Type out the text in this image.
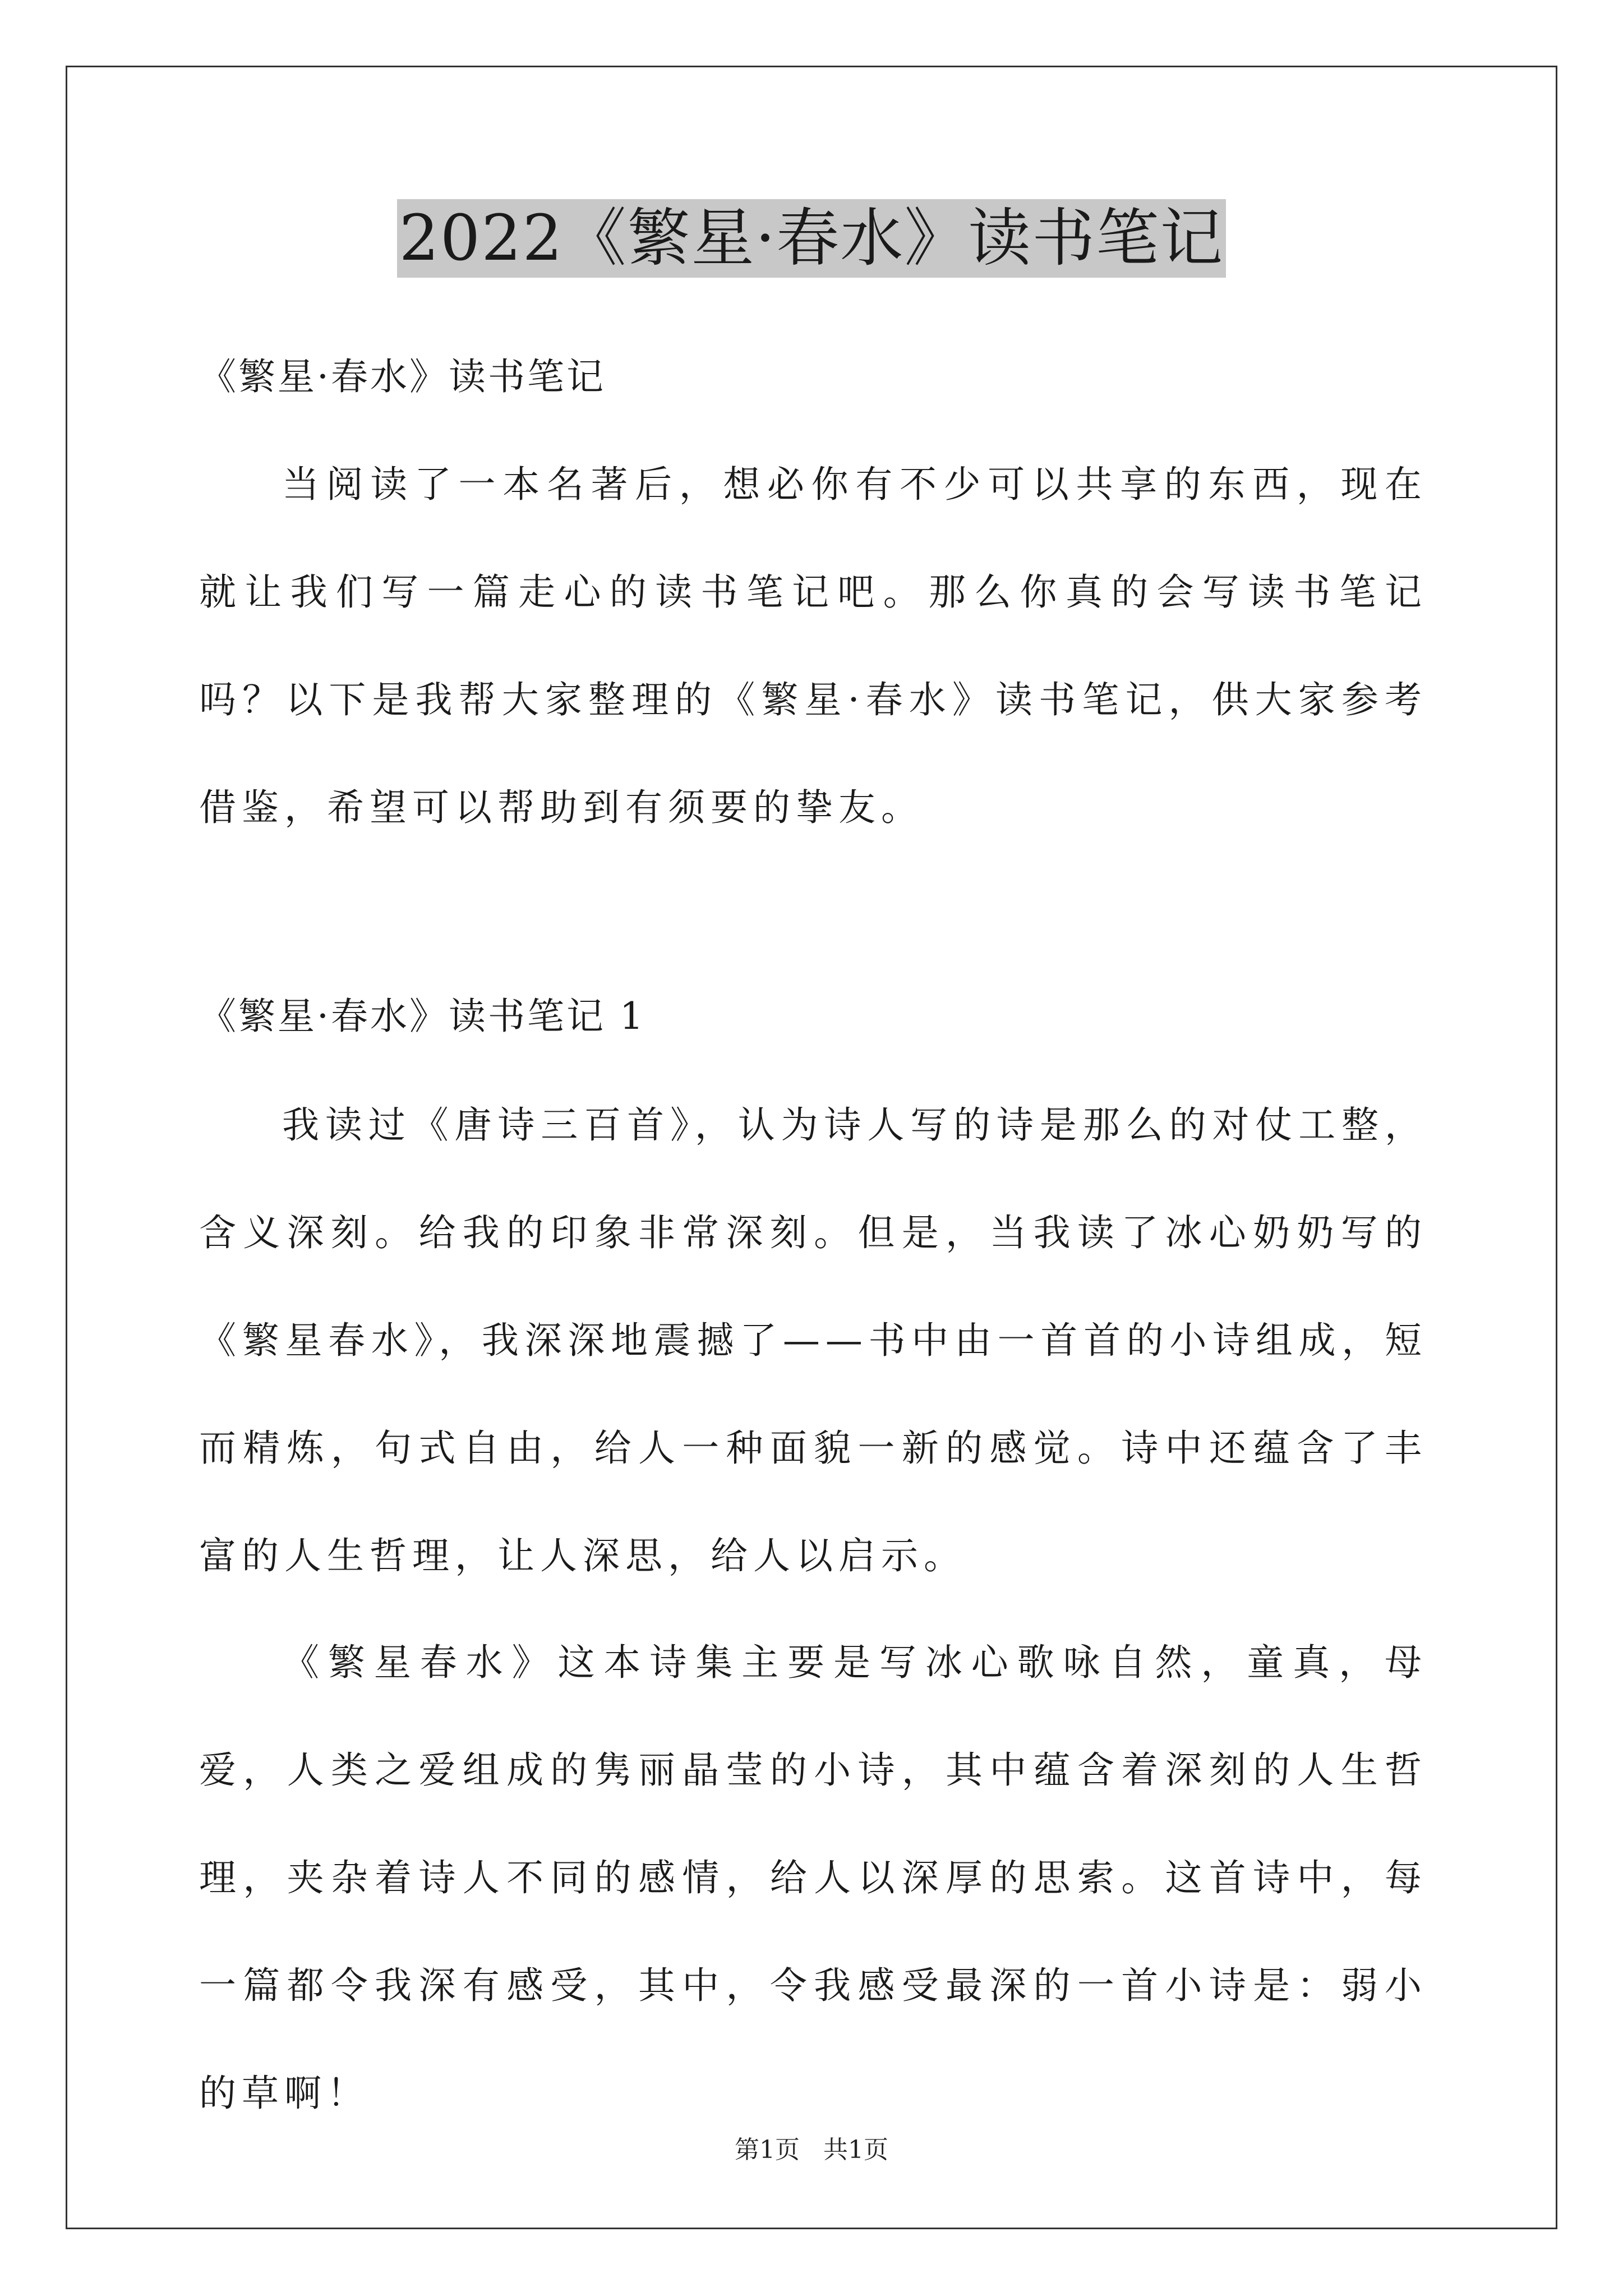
2022《繁星·春水》读书笔记
《繁星·春水》读书笔记
当阅读了一本名著后，想必你有不少可以共享的东西，现在就让我们写一篇走心的读书笔记吧。那么你真的会写读书笔记吗？以下是我帮大家整理的《繁星·春水》读书笔记，供大家参考借鉴，希望可以帮助到有须要的挚友。
《繁星·春水》读书笔记 1
我读过《唐诗三百首》，认为诗人写的诗是那么的对仗工整，含义深刻。给我的印象非常深刻。但是，当我读了冰心奶奶写的《繁星春水》，我深深地震撼了——书中由一首首的小诗组成，短而精炼，句式自由，给人一种面貌一新的感觉。诗中还蕴含了丰富的人生哲理，让人深思，给人以启示。
《繁星春水》这本诗集主要是写冰心歌咏自然，童真，母爱，人类之爱组成的隽丽晶莹的小诗，其中蕴含着深刻的人生哲理，夹杂着诗人不同的感情，给人以深厚的思索。这首诗中，每一篇都令我深有感受，其中，令我感受最深的一首小诗是：弱小的草啊！
第1页   共1页
